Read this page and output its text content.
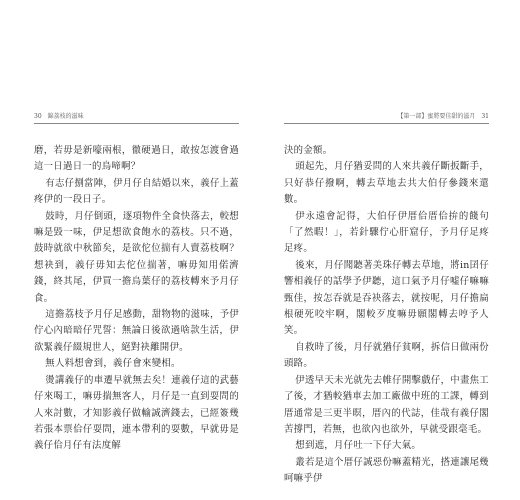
30 錦荔枝的滋味

磨，若毋是新嚎兩根，徹硬過日，敢按怎渡會過這一日過日一的烏啼啊？

有志仔捌當陣，伊月仔自結婚以來，義仔上蓋疼伊的一段日子。

鼓時，月仔倒頭，逐項物件全食快落去，較想嘛是毀一味，伊足想欲食飽水的荔枝。只不過，鼓時就欲中秋節矣，是欲佗位揣有人賣荔枝啊？想袂到，義仔毋知去佗位揣著，嘛毋知用偌濟錢，終其尾，伊買一擔烏葉仔的荔枝轉來予月仔食。

這擔荔枝予月仔足感動，甜物物的滋味，予伊佇心內暗暗仔咒誓：無論日後欲過啥款生活，伊欲緊義仔綴規世人，絕對袂離開伊。

無人料想會到，義仔會來變相。

燙講義仔的車遷早就無去矣！連義仔這的武藝仔來喝工，嘛毋揣無客人，月仔是一直到耍問的人來討數，才知影義仔做輸誠濟錢去，已經簽幾若張本票佮仔耍問，連本帶利的耍數，早就毋是義仔佮月仔有法度解

【第一部】蜜將要佳甜的滋月 31

決的金額。

頭起先，月仔猶妥問的人來共義仔斷扳斷手，只好恭仔撥啊，轉去草地去共大伯仔參錢來還數。

伊永遠會記得，大伯仔伊厝佮厝佮拚的餞句「了然暇！」，若針驟佇心肝窟仔，予月仔足疼足疼。

後來，月仔聞聽著美珠仔轉去草地，將in囝仔響相義仔的話學予伊聽，這口氣予月仔嘘仔嘛嘛甄佳，按怎吞就是吞袂落去，就按呢，月仔擔扁根硬死咬牢啊，閣較歹度嘛毋願閣轉去哼予人笑。

自救時了後，月仔就猶仔貧啊，拆信日做兩份頭路。

伊透早天未光就先去帷仔開擊戲仔，中畫焦工了後，才猶較猶車去加工廠做中班的工課，轉到厝通常是三更半暝，厝內的代誌，佳哉有義仔閣苦撐門，若無，也欲內也欲外，早就受跟毫毛。

想到遮，月仔吐一下仔大氣。

叢若是這个厝仔誠惡份嘛蓋精光，搭連讓尾幾呵嘛乎伊
